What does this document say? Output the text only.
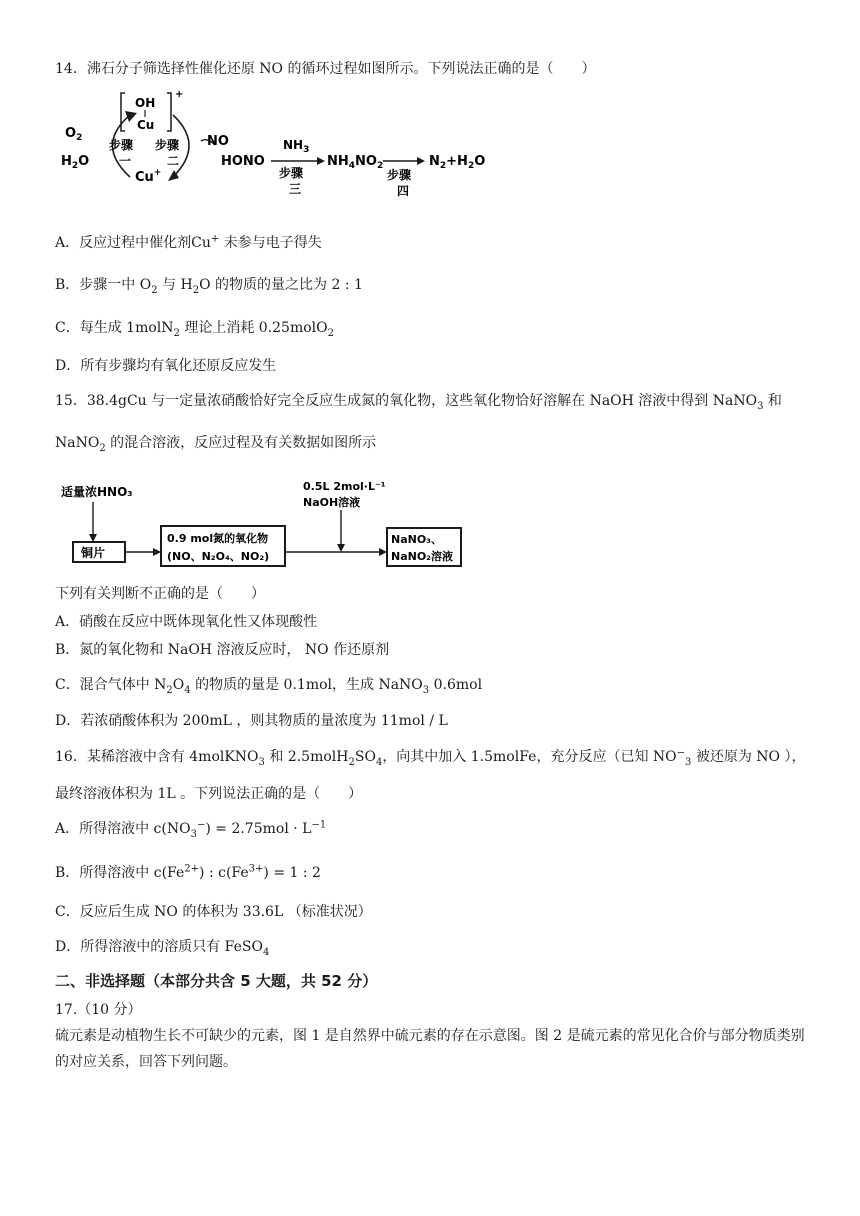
14．沸石分子筛选择性催化还原 NO 的循环过程如图所示。下列说法正确的是（　　）
$O_2$
$H_2O$
OH
Cu
+
步骤
一
步骤
二
NO
Cu+
HONO
$NH_3$
步骤
三
$NH_4NO_2$
步骤
四
$N_2+H_2O$
A．反应过程中催化剂Cu+ 未参与电子得失
B．步骤一中 $O_2$ 与 $H_2O$ 的物质的量之比为 2 : 1
C．每生成 1molN$_2$ 理论上消耗 0.25molO$_2$
D．所有步骤均有氧化还原反应发生
15．38.4gCu 与一定量浓硝酸恰好完全反应生成氮的氧化物，这些氧化物恰好溶解在 NaOH 溶液中得到 NaNO$_3$ 和
NaNO$_2$ 的混合溶液，反应过程及有关数据如图所示
适量浓HNO₃
铜片
0.9 mol氮的氧化物
(NO、N₂O₄、NO₂)
0.5L 2mol·L⁻¹
NaOH溶液
NaNO₃、
NaNO₂溶液
下列有关判断不正确的是（　　）
A．硝酸在反应中既体现氧化性又体现酸性
B．氮的氧化物和 NaOH 溶液反应时， NO 作还原剂
C．混合气体中 $N_2O_4$ 的物质的量是 0.1mol，生成 NaNO$_3$ 0.6mol
D．若浓硝酸体积为 200mL ，则其物质的量浓度为 11mol / L
16．某稀溶液中含有 4molKNO$_3$ 和 $2.5molH_2SO_4$，向其中加入 1.5molFe，充分反应（已知 $NO^-_3$ 被还原为 NO ），
最终溶液体积为 1L 。下列说法正确的是（　　）
A．所得溶液中 $c(NO_3^-) = 2.75mol \cdot L^{-1}$
B．所得溶液中 $c(Fe^{2+})$ : $c(Fe^{3+}) = 1$ : 2
C．反应后生成 NO 的体积为 33.6L （标准状况）
D．所得溶液中的溶质只有 FeSO$_4$
二、非选择题（本部分共含 5 大题，共 52 分）
17.（10 分）
硫元素是动植物生长不可缺少的元素，图 1 是自然界中硫元素的存在示意图。图 2 是硫元素的常见化合价与部分物质类别的对应关系，回答下列问题。
